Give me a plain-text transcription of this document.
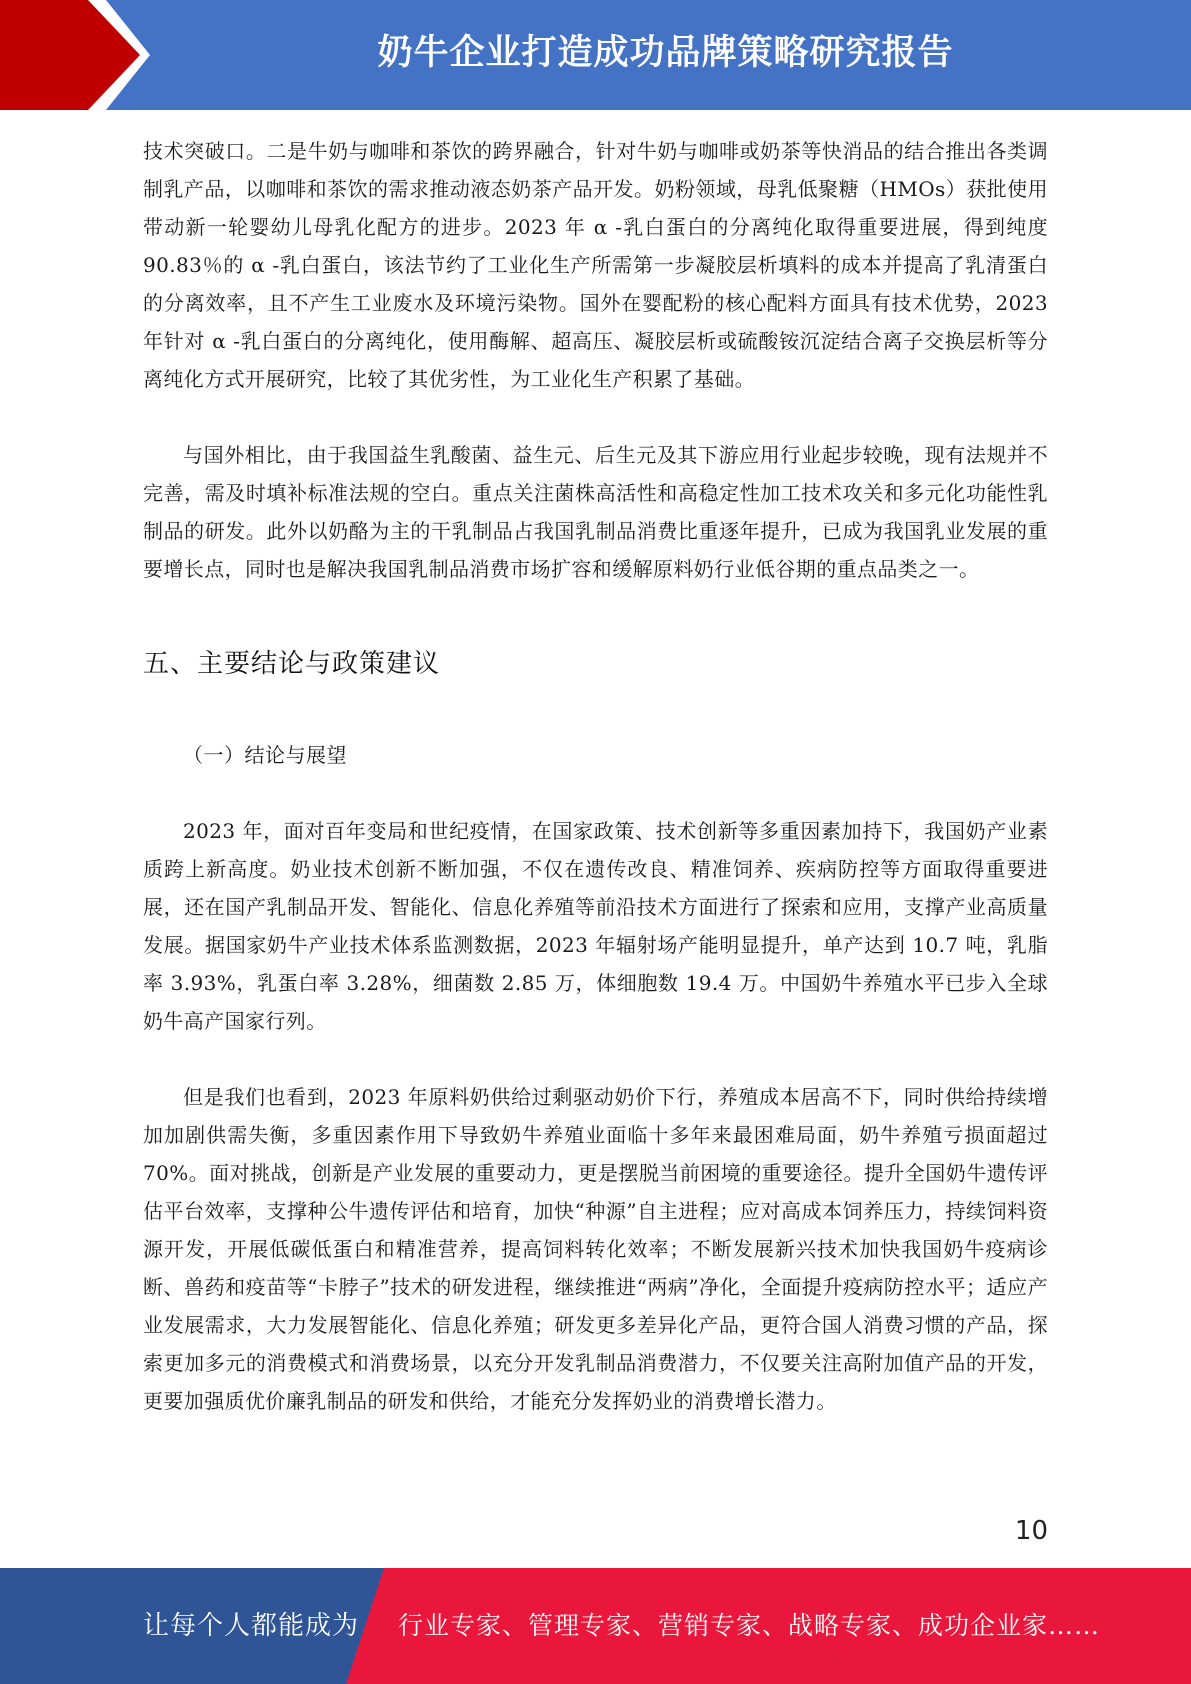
奶牛企业打造成功品牌策略研究报告

技术突破口。二是牛奶与咖啡和茶饮的跨界融合，针对牛奶与咖啡或奶茶等快消品的结合推出各类调制乳产品，以咖啡和茶饮的需求推动液态奶茶产品开发。奶粉领域，母乳低聚糖（HMOs）获批使用带动新一轮婴幼儿母乳化配方的进步。2023 年 α -乳白蛋白的分离纯化取得重要进展，得到纯度 90.83％的 α -乳白蛋白，该法节约了工业化生产所需第一步凝胶层析填料的成本并提高了乳清蛋白的分离效率，且不产生工业废水及环境污染物。国外在婴配粉的核心配料方面具有技术优势，2023 年针对 α -乳白蛋白的分离纯化，使用酶解、超高压、凝胶层析或硫酸铵沉淀结合离子交换层析等分离纯化方式开展研究，比较了其优劣性，为工业化生产积累了基础。

与国外相比，由于我国益生乳酸菌、益生元、后生元及其下游应用行业起步较晚，现有法规并不完善，需及时填补标准法规的空白。重点关注菌株高活性和高稳定性加工技术攻关和多元化功能性乳制品的研发。此外以奶酪为主的干乳制品占我国乳制品消费比重逐年提升，已成为我国乳业发展的重要增长点，同时也是解决我国乳制品消费市场扩容和缓解原料奶行业低谷期的重点品类之一。

五、主要结论与政策建议

（一）结论与展望

2023 年，面对百年变局和世纪疫情，在国家政策、技术创新等多重因素加持下，我国奶产业素质跨上新高度。奶业技术创新不断加强，不仅在遗传改良、精准饲养、疾病防控等方面取得重要进展，还在国产乳制品开发、智能化、信息化养殖等前沿技术方面进行了探索和应用，支撑产业高质量发展。据国家奶牛产业技术体系监测数据，2023 年辐射场产能明显提升，单产达到 10.7 吨，乳脂率 3.93%，乳蛋白率 3.28%，细菌数 2.85 万，体细胞数 19.4 万。中国奶牛养殖水平已步入全球奶牛高产国家行列。

但是我们也看到，2023 年原料奶供给过剩驱动奶价下行，养殖成本居高不下，同时供给持续增加加剧供需失衡，多重因素作用下导致奶牛养殖业面临十多年来最困难局面，奶牛养殖亏损面超过 70%。面对挑战，创新是产业发展的重要动力，更是摆脱当前困境的重要途径。提升全国奶牛遗传评估平台效率，支撑种公牛遗传评估和培育，加快“种源”自主进程；应对高成本饲养压力，持续饲料资源开发，开展低碳低蛋白和精准营养，提高饲料转化效率；不断发展新兴技术加快我国奶牛疫病诊断、兽药和疫苗等“卡脖子”技术的研发进程，继续推进“两病”净化，全面提升疫病防控水平；适应产业发展需求，大力发展智能化、信息化养殖；研发更多差异化产品，更符合国人消费习惯的产品，探索更加多元的消费模式和消费场景，以充分开发乳制品消费潜力，不仅要关注高附加值产品的开发，更要加强质优价廉乳制品的研发和供给，才能充分发挥奶业的消费增长潜力。

10
让每个人都能成为 行业专家、管理专家、营销专家、战略专家、成功企业家……
